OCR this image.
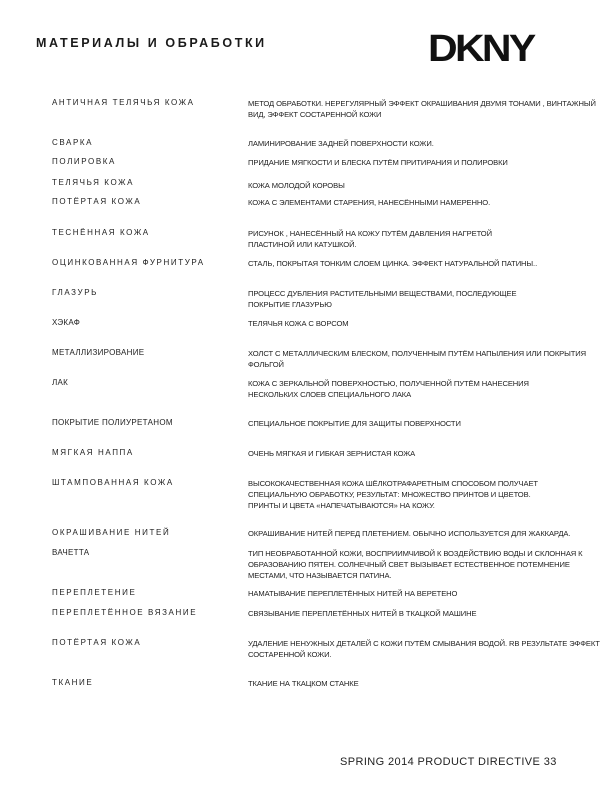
МАТЕРИАЛЫ И ОБРАБОТКИ	DKNY
АНТИЧНАЯ ТЕЛЯЧЬЯ КОЖА	МЕТОД ОБРАБОТКИ. НЕРЕГУЛЯРНЫЙ ЭФФЕКТ ОКРАШИВАНИЯ ДВУМЯ ТОНАМИ , ВИНТАЖНЫЙ ВИД, ЭФФЕКТ СОСТАРЕННОЙ КОЖИ
СВАРКА	ЛАМИНИРОВАНИЕ ЗАДНЕЙ ПОВЕРХНОСТИ КОЖИ.
ПОЛИРОВКА	ПРИДАНИЕ МЯГКОСТИ И БЛЕСКА ПУТЁМ ПРИТИРАНИЯ И ПОЛИРОВКИ
ТЕЛЯЧЬЯ КОЖА	КОЖА МОЛОДОЙ КОРОВЫ
ПОТЁРТАЯ КОЖА	КОЖА С ЭЛЕМЕНТАМИ СТАРЕНИЯ, НАНЕСЁННЫМИ НАМЕРЕННО.
ТЕСНЁННАЯ КОЖА	РИСУНОК , НАНЕСЁННЫЙ НА КОЖУ ПУТЁМ ДАВЛЕНИЯ НАГРЕТОЙ ПЛАСТИНОЙ ИЛИ КАТУШКОЙ.
ОЦИНКОВАННАЯ ФУРНИТУРА	СТАЛЬ, ПОКРЫТАЯ ТОНКИМ СЛОЕМ ЦИНКА. ЭФФЕКТ НАТУРАЛЬНОЙ ПАТИНЫ..
ГЛАЗУРЬ	ПРОЦЕСС ДУБЛЕНИЯ РАСТИТЕЛЬНЫМИ ВЕЩЕСТВАМИ, ПОСЛЕДУЮЩЕЕ ПОКРЫТИЕ ГЛАЗУРЬЮ
ХЭКАФ	ТЕЛЯЧЬЯ КОЖА С ВОРСОМ
МЕТАЛЛИЗИРОВАНИЕ	ХОЛСТ С МЕТАЛЛИЧЕСКИМ БЛЕСКОМ, ПОЛУЧЕННЫМ ПУТЁМ НАПЫЛЕНИЯ ИЛИ ПОКРЫТИЯ ФОЛЬГОЙ
ЛАК	КОЖА С ЗЕРКАЛЬНОЙ ПОВЕРХНОСТЬЮ, ПОЛУЧЕННОЙ ПУТЁМ НАНЕСЕНИЯ НЕСКОЛЬКИХ СЛОЕВ СПЕЦИАЛЬНОГО ЛАКА
ПОКРЫТИЕ ПОЛИУРЕТАНОМ	СПЕЦИАЛЬНОЕ ПОКРЫТИЕ ДЛЯ ЗАЩИТЫ ПОВЕРХНОСТИ
МЯГКАЯ НАППА	ОЧЕНЬ МЯГКАЯ И ГИБКАЯ ЗЕРНИСТАЯ КОЖА
ШТАМПОВАННАЯ КОЖА	ВЫСОКОКАЧЕСТВЕННАЯ КОЖА ШЁЛКОТРАФАРЕТНЫМ СПОСОБОМ ПОЛУЧАЕТ СПЕЦИАЛЬНУЮ ОБРАБОТКУ, РЕЗУЛЬТАТ: МНОЖЕСТВО ПРИНТОВ И ЦВЕТОВ. ПРИНТЫ И ЦВЕТА «НАПЕЧАТЫВАЮТСЯ» НА КОЖУ.
ОКРАШИВАНИЕ НИТЕЙ	ОКРАШИВАНИЕ НИТЕЙ ПЕРЕД ПЛЕТЕНИЕМ. ОБЫЧНО ИСПОЛЬЗУЕТСЯ ДЛЯ ЖАККАРДА.
ВАЧЕТТА	ТИП НЕОБРАБОТАННОЙ КОЖИ, ВОСПРИИМЧИВОЙ К ВОЗДЕЙСТВИЮ ВОДЫ И СКЛОННАЯ К ОБРАЗОВАНИЮ ПЯТЕН. СОЛНЕЧНЫЙ СВЕТ ВЫЗЫВАЕТ ЕСТЕСТВЕННОЕ ПОТЕМНЕНИЕ МЕСТАМИ, ЧТО НАЗЫВАЕТСЯ ПАТИНА.
ПЕРЕПЛЕТЕНИЕ	НАМАТЫВАНИЕ ПЕРЕПЛЕТЁННЫХ НИТЕЙ НА ВЕРЕТЕНО
ПЕРЕПЛЕТЁННОЕ ВЯЗАНИЕ	СВЯЗЫВАНИЕ ПЕРЕПЛЕТЁННЫХ НИТЕЙ В ТКАЦКОЙ МАШИНЕ
ПОТЁРТАЯ КОЖА	УДАЛЕНИЕ НЕНУЖНЫХ ДЕТАЛЕЙ С КОЖИ ПУТЁМ СМЫВАНИЯ ВОДОЙ. RB РЕЗУЛЬТАТЕ ЭФФЕКТ СОСТАРЕННОЙ КОЖИ.
ТКАНИЕ	ТКАНИЕ НА ТКАЦКОМ СТАНКЕ
SPRING 2014 PRODUCT DIRECTIVE 33
